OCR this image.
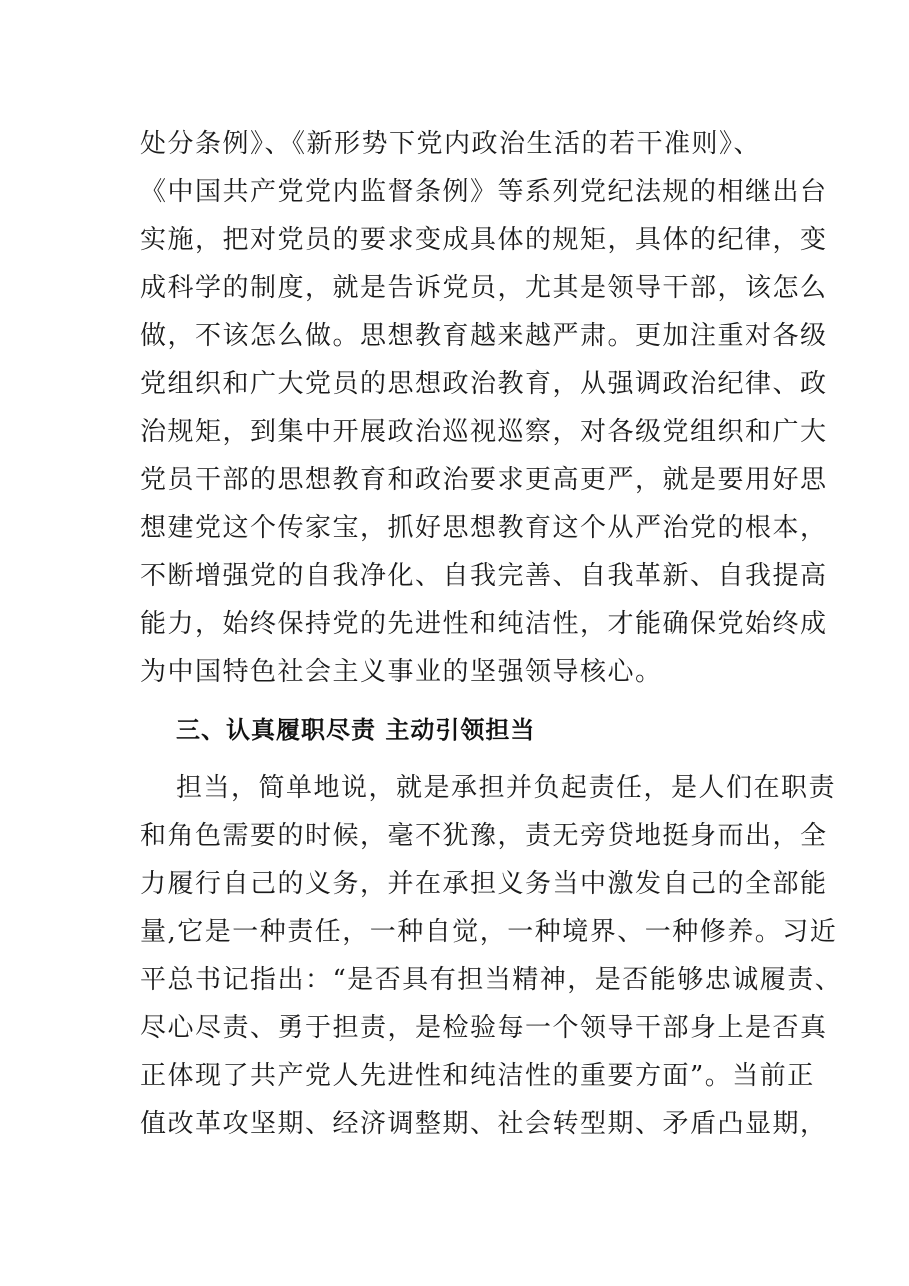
处分条例》、《新形势下党内政治生活的若干准则》、
《中国共产党党内监督条例》等系列党纪法规的相继出台
实施，把对党员的要求变成具体的规矩，具体的纪律，变
成科学的制度，就是告诉党员，尤其是领导干部，该怎么
做，不该怎么做。思想教育越来越严肃。更加注重对各级
党组织和广大党员的思想政治教育，从强调政治纪律、政
治规矩，到集中开展政治巡视巡察，对各级党组织和广大
党员干部的思想教育和政治要求更高更严，就是要用好思
想建党这个传家宝，抓好思想教育这个从严治党的根本，
不断增强党的自我净化、自我完善、自我革新、自我提高
能力，始终保持党的先进性和纯洁性，才能确保党始终成
为中国特色社会主义事业的坚强领导核心。
三、认真履职尽责 主动引领担当
担当，简单地说，就是承担并负起责任，是人们在职责
和角色需要的时候，毫不犹豫，责无旁贷地挺身而出，全
力履行自己的义务，并在承担义务当中激发自己的全部能
量,它是一种责任，一种自觉，一种境界、一种修养。习近
平总书记指出：“是否具有担当精神，是否能够忠诚履责、
尽心尽责、勇于担责，是检验每一个领导干部身上是否真
正体现了共产党人先进性和纯洁性的重要方面”。当前正
值改革攻坚期、经济调整期、社会转型期、矛盾凸显期，
